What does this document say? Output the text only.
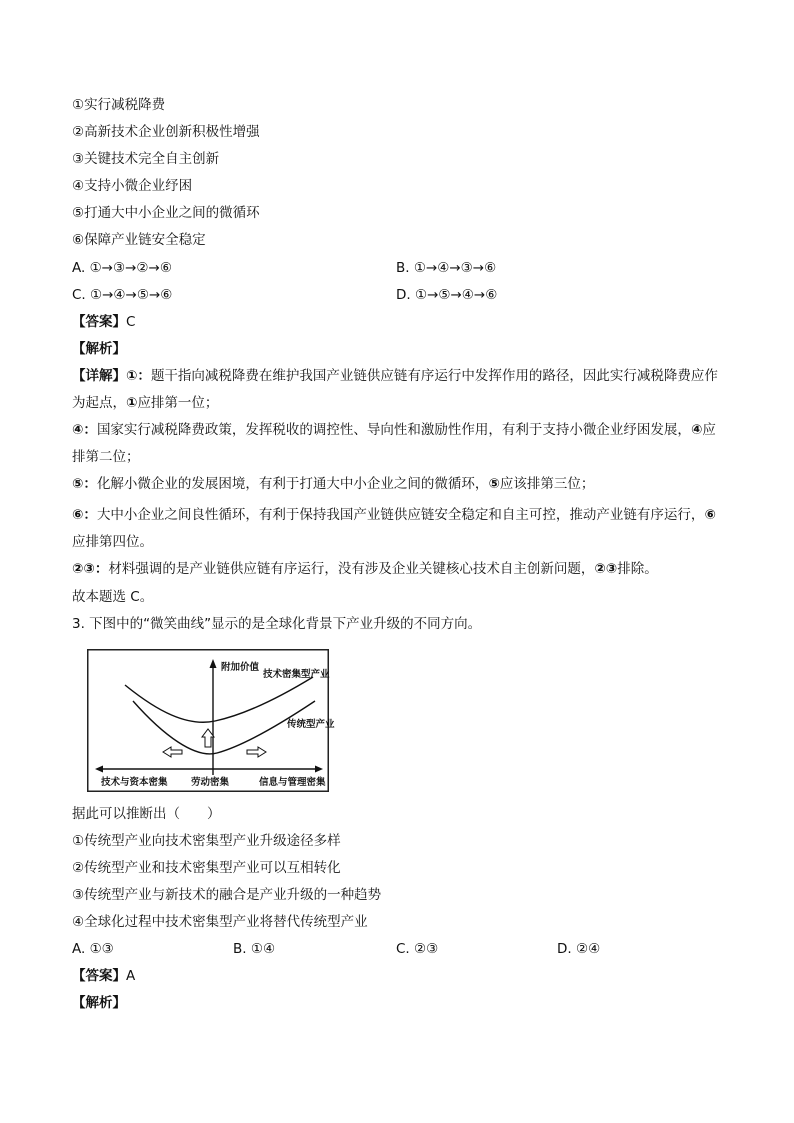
①实行减税降费
②高新技术企业创新积极性增强
③关键技术完全自主创新
④支持小微企业纾困
⑤打通大中小企业之间的微循环
⑥保障产业链安全稳定
A. ①→③→②→⑥	B. ①→④→③→⑥
C. ①→④→⑤→⑥	D. ①→⑤→④→⑥
【答案】C
【解析】
【详解】①：题干指向减税降费在维护我国产业链供应链有序运行中发挥作用的路径，因此实行减税降费应作为起点，①应排第一位；
④：国家实行减税降费政策，发挥税收的调控性、导向性和激励性作用，有利于支持小微企业纾困发展，④应排第二位；
⑤：化解小微企业的发展困境，有利于打通大中小企业之间的微循环，⑤应该排第三位；
⑥：大中小企业之间良性循环，有利于保持我国产业链供应链安全稳定和自主可控，推动产业链有序运行，⑥应排第四位。
②③：材料强调的是产业链供应链有序运行，没有涉及企业关键核心技术自主创新问题，②③排除。
故本题选 C。
3. 下图中的“微笑曲线”显示的是全球化背景下产业升级的不同方向。
附加价值
技术密集型产业
传统型产业
技术与资本密集 劳动密集	信息与管理密集
据此可以推断出（　　）
①传统型产业向技术密集型产业升级途径多样
②传统型产业和技术密集型产业可以互相转化
③传统型产业与新技术的融合是产业升级的一种趋势
④全球化过程中技术密集型产业将替代传统型产业
A. ①③	B. ①④	C. ②③	D. ②④
【答案】A
【解析】
